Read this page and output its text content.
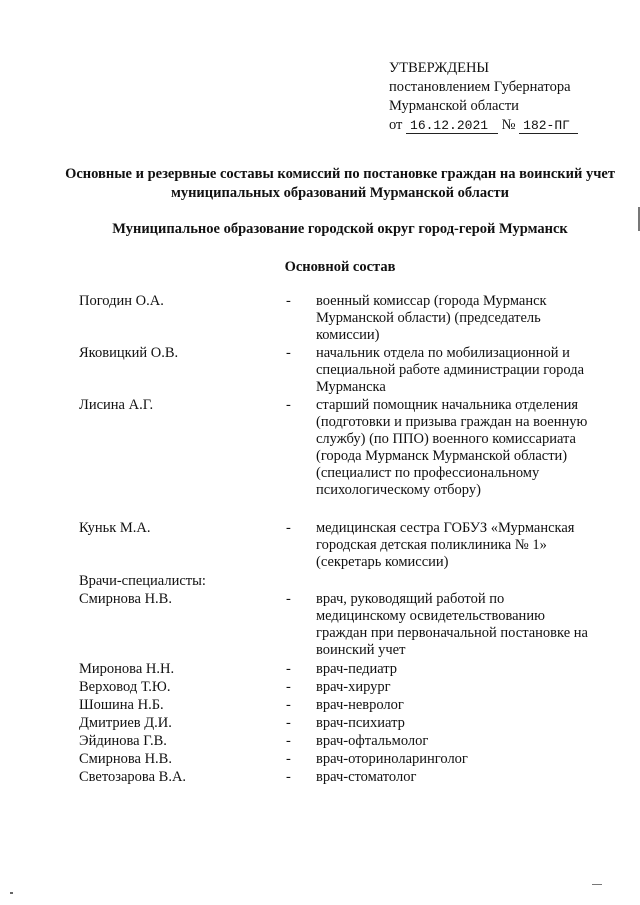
УТВЕРЖДЕНЫ
постановлением Губернатора
Мурманской области
от 16.12.2021 № 182-ПГ
Основные и резервные составы комиссий по постановке граждан на воинский учет муниципальных образований Мурманской области
Муниципальное образование городской округ город-герой Мурманск
Основной состав
Погодин О.А.	- военный комиссар (города Мурманск Мурманской области) (председатель комиссии)
Яковицкий О.В.	- начальник отдела по мобилизационной и специальной работе администрации города Мурманска
Лисина А.Г.	- старший помощник начальника отделения (подготовки и призыва граждан на военную службу) (по ППО) военного комиссариата (города Мурманск Мурманской области) (специалист по профессиональному психологическому отбору)
Куньк М.А.	- медицинская сестра ГОБУЗ «Мурманская городская детская поликлиника № 1» (секретарь комиссии)
Врачи-специалисты:
Смирнова Н.В.	- врач, руководящий работой по медицинскому освидетельствованию граждан при первоначальной постановке на воинский учет
Миронова Н.Н.	- врач-педиатр
Верховод Т.Ю.	- врач-хирург
Шошина Н.Б.	- врач-невролог
Дмитриев Д.И.	- врач-психиатр
Эйдинова Г.В.	- врач-офтальмолог
Смирнова Н.В.	- врач-оториноларинголог
Светозарова В.А.	- врач-стоматолог
